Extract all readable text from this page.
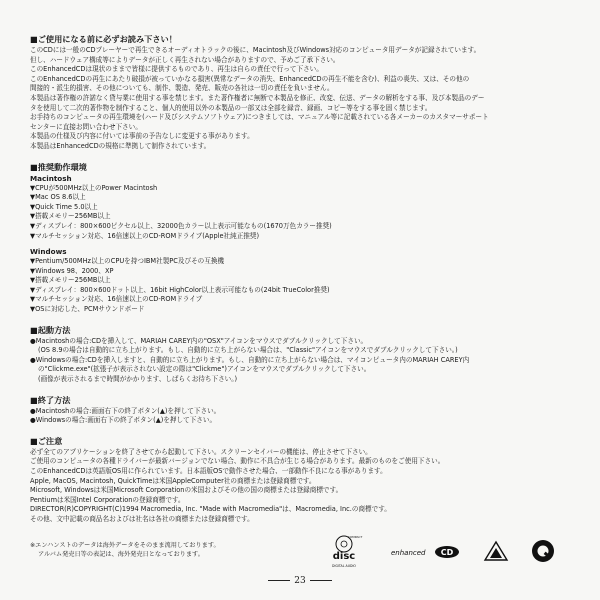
■ご使用になる前に必ずお読み下さい！
このCDには一般のCDプレーヤーで再生できるオーディオトラックの後に、Macintosh及びWindows対応のコンピュータ用データが記録されています。
但し、ハードウェア構成等によりデータが正しく再生されない場合がありますので、予めご了承下さい。
このEnhancedCDは現状のままで皆様に提供するものであり、再生は自らの責任で行って下さい。
このEnhancedCDの再生にあたり破損が被っていかなる損害(異常なデータの消失、EnhancedCDの再生不能を含む)、利益の喪失、又は、その他の
間接的・派生的損害、その他についても、制作、製造、発売、販売の各社は一切の責任を負いません。
本製品は著作権の許諾なく貸与業に使用する事を禁じます。また著作権者に無断で本製品を修正、改変、伝送、データの解析をする事、及び本製品のデー
タを使用して二次的著作物を制作すること、個人的使用以外の本製品の一部又は全部を録音、録画、コピー等をする事を固く禁じます。
お手持ちのコンピュータの再生環境を(ハード及びシステムソフトウェア)につきましては、マニュアル等に記載されている各メーカーのカスタマーサポート
センターに直接お問い合わせ下さい。
本製品の仕様及び内容に付いては事前の予告なしに変更する事があります。
本製品はEnhancedCDの規格に準拠して制作されています。
■推奨動作環境
Macintosh
▼CPUが500MHz以上のPower Macintosh
▼Mac OS 8.6以上
▼Quick Time 5.0以上
▼搭載メモリー256MB以上
▼ディスプレイ：800×600ピクセル以上、32000色カラー以上表示可能なもの(1670万色カラー推奨)
▼マルチセッション対応、16倍速以上のCD-ROMドライブ(Apple社純正推奨)
Windows
▼Pentium/500MHz以上のCPUを持つIBM社製PC及びその互換機
▼Windows 98、2000、XP
▼搭載メモリー256MB以上
▼ディスプレイ：800×600ドット以上、16bit HighColor以上表示可能なもの(24bit TrueColor推奨)
▼マルチセッション対応、16倍速以上のCD-ROMドライブ
▼OSに対応した、PCMサウンドボード
■起動方法
●Macintoshの場合:CDを挿入して、MARIAH CAREY内の"OSX"アイコンをマウスでダブルクリックして下さい。
(OS 8.9の場合は自動的に立ち上がります。もし、自動的に立ち上がらない場合は、"Classic"アイコンをマウスでダブルクリックして下さい。)
●Windowsの場合:CDを挿入しますと、自動的に立ち上がります。もし、自動的に立ち上がらない場合は、マイコンピュータ内のMARIAH CAREY内
の"Clickme.exe"(拡張子が表示されない設定の際は"Clickme")アイコンをマウスでダブルクリックして下さい。
(画像が表示されるまで時間がかかります、しばらくお待ち下さい。)
■終了方法
●Macintoshの場合:画面右下の終了ボタン(▲)を押して下さい。
●Windowsの場合:画面右下の終了ボタン(▲)を押して下さい。
■ご注意
必ず全てのアプリケーションを終了させてから起動して下さい。スクリーンセイバーの機能は、停止させて下さい。
ご使用のコンピュータの各種ドライバーが最新バージョンでない場合、動作に不具合が生じる場合があります。最新のものをご使用下さい。
このEnhancedCDは英語版OS用に作られています。日本語版OSで動作させた場合、一部動作不良になる事があります。
Apple, MacOS, Macintosh, QuickTimeは米国AppleComputer社の商標または登録商標です。
Microsoft, Windowsは米国Microsoft Corporationの米国およびその他の国の商標または登録商標です。
Pentiumは米国Intel Corporationの登録商標です。
DIRECTOR(R)COPYRIGHT(C)1994 Macromedia, Inc. "Made with Macromedia"は、Macromedia, Inc.の商標です。
その他、文中記載の商品名およびは社名は各社の商標または登録商標です。
※エンハンストのデータは海外データをそのまま流用しております。
アルバム発売日等の表記は、海外発売日となっております。	disc
COMPACT
DIGITAL AUDIO
enhanced CD
23
